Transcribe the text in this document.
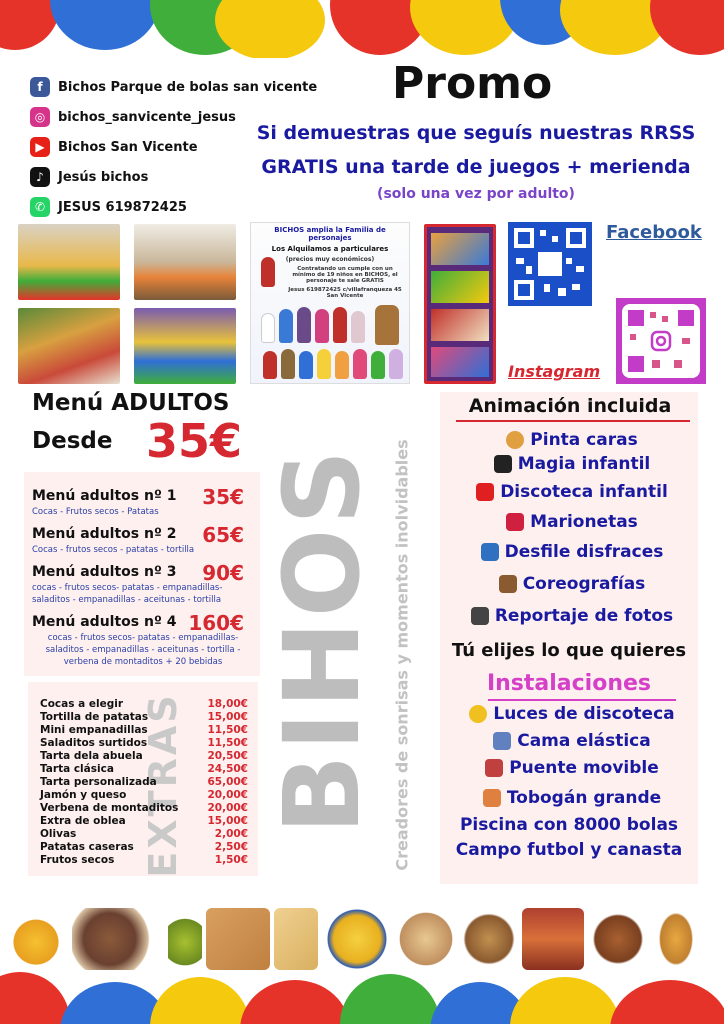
f	Bichos Parque de bolas san vicente
◎ bichos_sanvicente_jesus
▶	Bichos San Vicente
♪	Jesús bichos
✆ JESUS 619872425
Promo
Si demuestras que seguís nuestras RRSS
GRATIS una tarde de juegos + merienda
(solo una vez por adulto)
BICHOS amplia la Familia de personajes
Los Alquilamos a particulares
(precios muy económicos)
Contratando un cumple con un mínimo de 19 niños en BICHOS, el personaje te sale GRATIS
Jesus 619872425 c/villafranqueza 45 San Vicente
Facebook
Instagram
Menú ADULTOS
Desde 35€
Menú adultos nº 1	35€
Cocas - Frutos secos - Patatas
Menú adultos nº 2	65€
Cocas - frutos secos - patatas - tortilla
Menú adultos nº 3	90€
cocas - frutos secos- patatas - empanadillas- saladitos - empanadillas - aceitunas - tortilla
Menú adultos nº 4 160€
cocas - frutos secos- patatas - empanadillas- saladitos - empanadillas - aceitunas - tortilla - verbena de montaditos + 20 bebidas
EXTRAS
Cocas a elegir	18,00€
Tortilla de patatas	15,00€
Mini empanadillas	11,50€
Saladitos surtidos	11,50€
Tarta dela abuela	20,50€
Tarta clásica	24,50€
Tarta personalizada	65,00€
Jamón y queso	20,00€
Verbena de montaditos	20,00€
Extra de oblea	15,00€
Olivas	2,00€
Patatas caseras	2,50€
Frutos secos	1,50€
BIHOS Creadores de sonrisas y momentos inolvidables
Animación incluida
Pinta caras
Magia infantil
Discoteca infantil
Marionetas
Desfile disfraces
Coreografías
Reportaje de fotos
Tú elijes lo que quieres
Instalaciones
Luces de discoteca
Cama elástica
Puente movible
Tobogán grande
Piscina con 8000 bolas
Campo futbol y canasta
